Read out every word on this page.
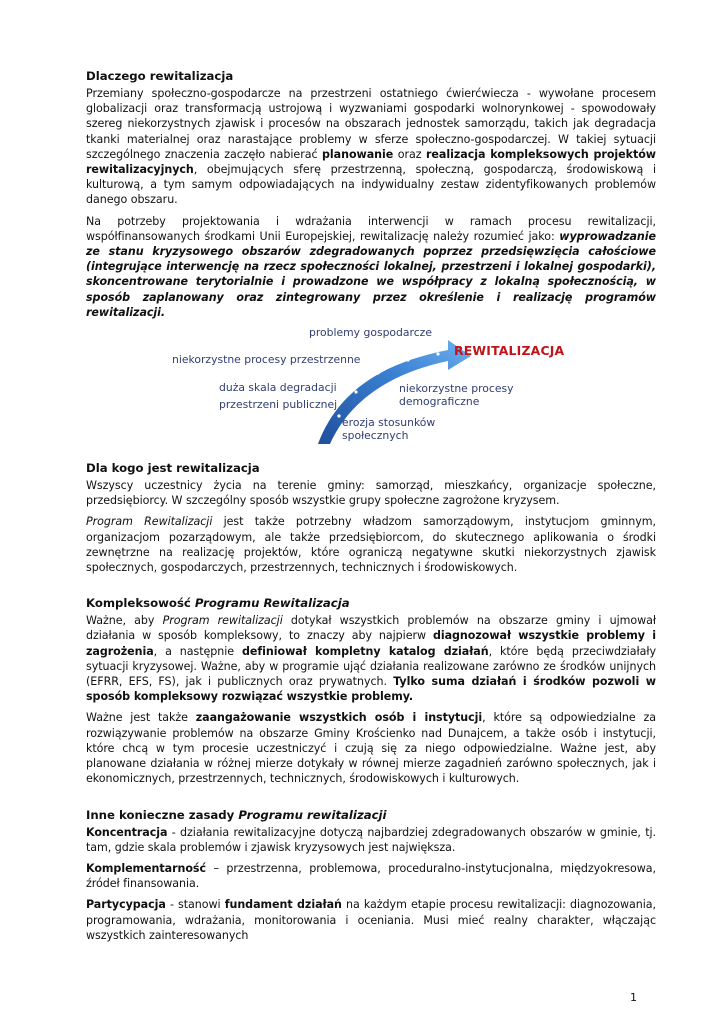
Dlaczego rewitalizacja

Przemiany społeczno-gospodarcze na przestrzeni ostatniego ćwierćwiecza - wywołane procesem globalizacji oraz transformacją ustrojową i wyzwaniami gospodarki wolnorynkowej - spowodowały szereg niekorzystnych zjawisk i procesów na obszarach jednostek samorządu, takich jak degradacja tkanki materialnej oraz narastające problemy w sferze społeczno-gospodarczej. W takiej sytuacji szczególnego znaczenia zaczęło nabierać planowanie oraz realizacja kompleksowych projektów rewitalizacyjnych, obejmujących sferę przestrzenną, społeczną, gospodarczą, środowiskową i kulturową, a tym samym odpowiadających na indywidualny zestaw zidentyfikowanych problemów danego obszaru.

Na potrzeby projektowania i wdrażania interwencji w ramach procesu rewitalizacji, współfinansowanych środkami Unii Europejskiej, rewitalizację należy rozumieć jako: wyprowadzanie ze stanu kryzysowego obszarów zdegradowanych poprzez przedsięwzięcia całościowe (integrujące interwencję na rzecz społeczności lokalnej, przestrzeni i lokalnej gospodarki), skoncentrowane terytorialnie i prowadzone we współpracy z lokalną społecznością, w sposób zaplanowany oraz zintegrowany przez określenie i realizację programów rewitalizacji.

problemy gospodarcze
REWITALIZACJA
niekorzystne procesy przestrzenne
duża skala degradacji
przestrzeni publicznej
niekorzystne procesy
demograficzne
erozja stosunków
społecznych
Dla kogo jest rewitalizacja

Wszyscy uczestnicy życia na terenie gminy: samorząd, mieszkańcy, organizacje społeczne, przedsiębiorcy. W szczególny sposób wszystkie grupy społeczne zagrożone kryzysem.

Program Rewitalizacji jest także potrzebny władzom samorządowym, instytucjom gminnym, organizacjom pozarządowym, ale także przedsiębiorcom, do skutecznego aplikowania o środki zewnętrzne na realizację projektów, które ograniczą negatywne skutki niekorzystnych zjawisk społecznych, gospodarczych, przestrzennych, technicznych i środowiskowych.

Kompleksowość Programu Rewitalizacja

Ważne, aby Program rewitalizacji dotykał wszystkich problemów na obszarze gminy i ujmował działania w sposób kompleksowy, to znaczy aby najpierw diagnozował wszystkie problemy i zagrożenia, a następnie definiował kompletny katalog działań, które będą przeciwdziałały sytuacji kryzysowej. Ważne, aby w programie ująć działania realizowane zarówno ze środków unijnych (EFRR, EFS, FS), jak i publicznych oraz prywatnych. Tylko suma działań i środków pozwoli w sposób kompleksowy rozwiązać wszystkie problemy.

Ważne jest także zaangażowanie wszystkich osób i instytucji, które są odpowiedzialne za rozwiązywanie problemów na obszarze Gminy Krościenko nad Dunajcem, a także osób i instytucji, które chcą w tym procesie uczestniczyć i czują się za niego odpowiedzialne. Ważne jest, aby planowane działania w różnej mierze dotykały w równej mierze zagadnień zarówno społecznych, jak i ekonomicznych, przestrzennych, technicznych, środowiskowych i kulturowych.

Inne konieczne zasady Programu rewitalizacji

Koncentracja - działania rewitalizacyjne dotyczą najbardziej zdegradowanych obszarów w gminie, tj. tam, gdzie skala problemów i zjawisk kryzysowych jest największa.

Komplementarność – przestrzenna, problemowa, proceduralno-instytucjonalna, międzyokresowa, źródeł finansowania.

Partycypacja - stanowi fundament działań na każdym etapie procesu rewitalizacji: diagnozowania, programowania, wdrażania, monitorowania i oceniania. Musi mieć realny charakter, włączając wszystkich zainteresowanych

1
